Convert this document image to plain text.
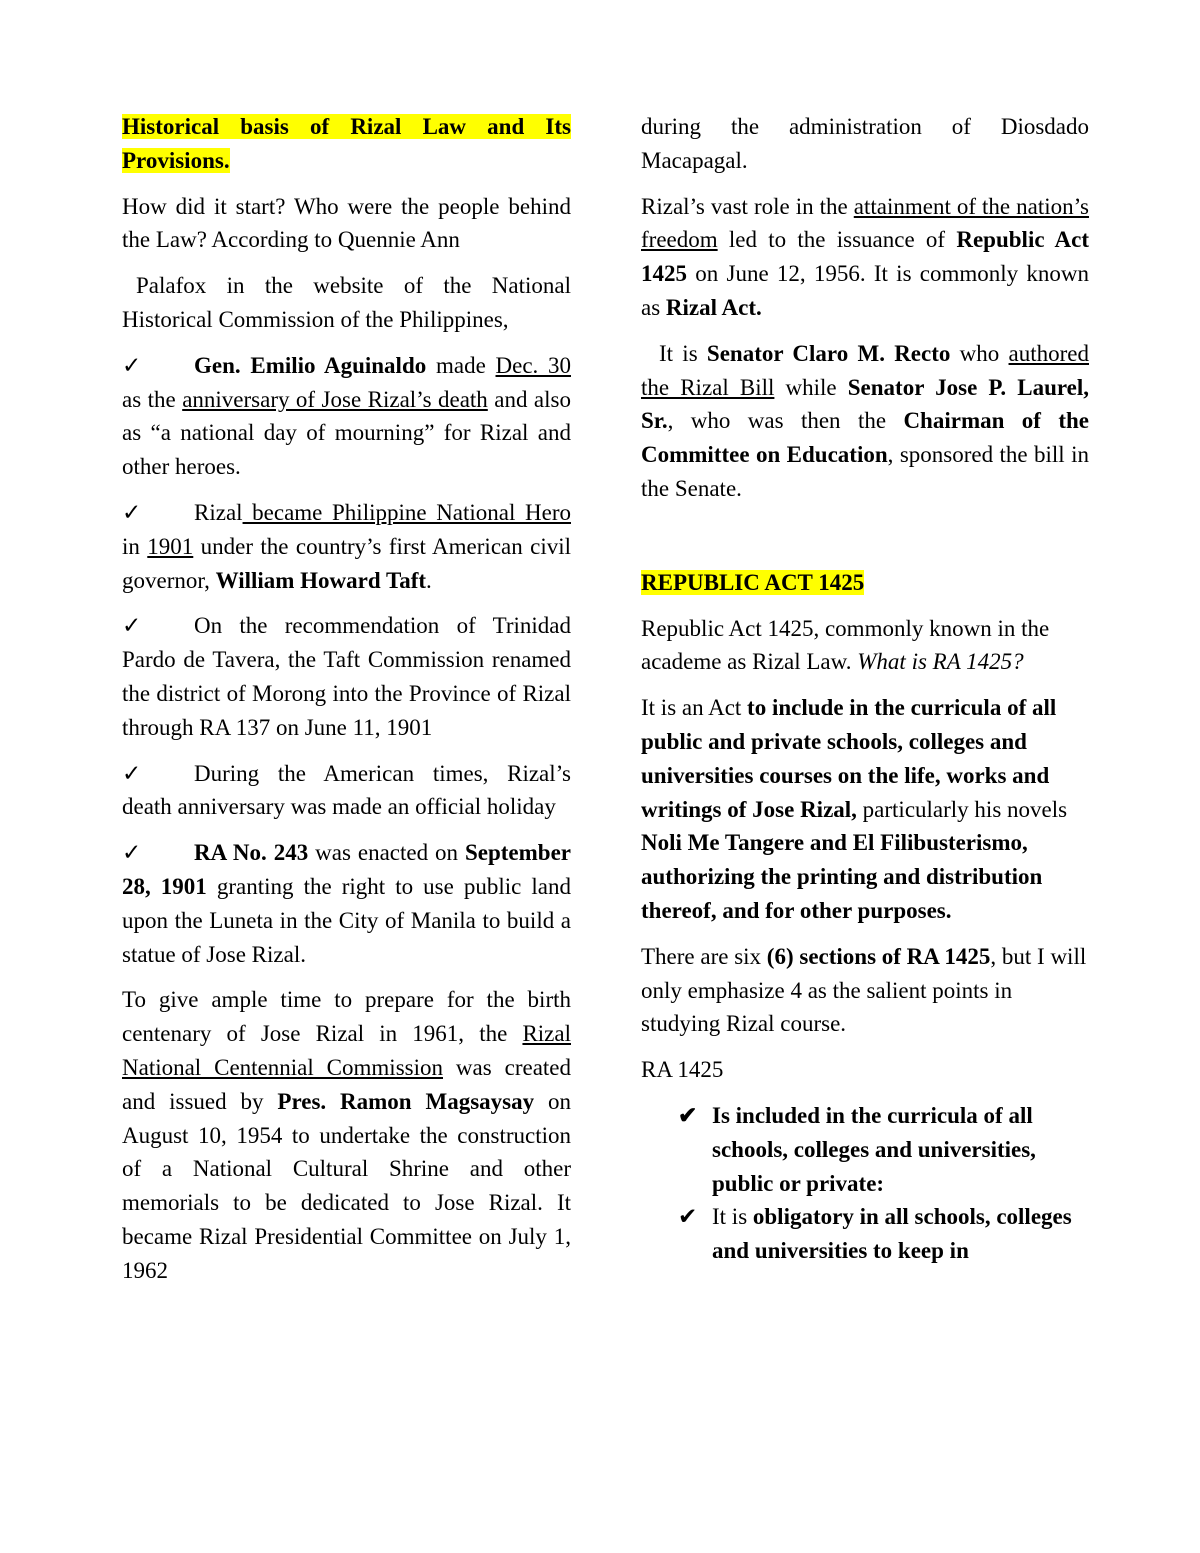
Historical basis of Rizal Law and Its Provisions.

How did it start? Who were the people behind the Law? According to Quennie Ann

Palafox in the website of the National Historical Commission of the Philippines,

✓ Gen. Emilio Aguinaldo made Dec. 30 as the anniversary of Jose Rizal’s death and also as “a national day of mourning” for Rizal and other heroes.

✓ Rizal became Philippine National Hero in 1901 under the country’s first American civil governor, William Howard Taft.

✓ On the recommendation of Trinidad Pardo de Tavera, the Taft Commission renamed the district of Morong into the Province of Rizal through RA 137 on June 11, 1901

✓ During the American times, Rizal’s death anniversary was made an official holiday

✓ RA No. 243 was enacted on September 28, 1901 granting the right to use public land upon the Luneta in the City of Manila to build a statue of Jose Rizal.

To give ample time to prepare for the birth centenary of Jose Rizal in 1961, the Rizal National Centennial Commission was created and issued by Pres. Ramon Magsaysay on August 10, 1954 to undertake the construction of a National Cultural Shrine and other memorials to be dedicated to Jose Rizal. It became Rizal Presidential Committee on July 1, 1962

during the administration of Diosdado Macapagal.

Rizal’s vast role in the attainment of the nation’s freedom led to the issuance of Republic Act 1425 on June 12, 1956. It is commonly known as Rizal Act.

It is Senator Claro M. Recto who authored the Rizal Bill while Senator Jose P. Laurel, Sr., who was then the Chairman of the Committee on Education, sponsored the bill in the Senate.

REPUBLIC ACT 1425

Republic Act 1425, commonly known in the academe as Rizal Law. What is RA 1425?

It is an Act to include in the curricula of all public and private schools, colleges and universities courses on the life, works and writings of Jose Rizal, particularly his novels Noli Me Tangere and El Filibusterismo, authorizing the printing and distribution thereof, and for other purposes.

There are six (6) sections of RA 1425, but I will only emphasize 4 as the salient points in studying Rizal course.

RA 1425

✔ Is included in the curricula of all schools, colleges and universities, public or private:
✔ It is obligatory in all schools, colleges and universities to keep in
